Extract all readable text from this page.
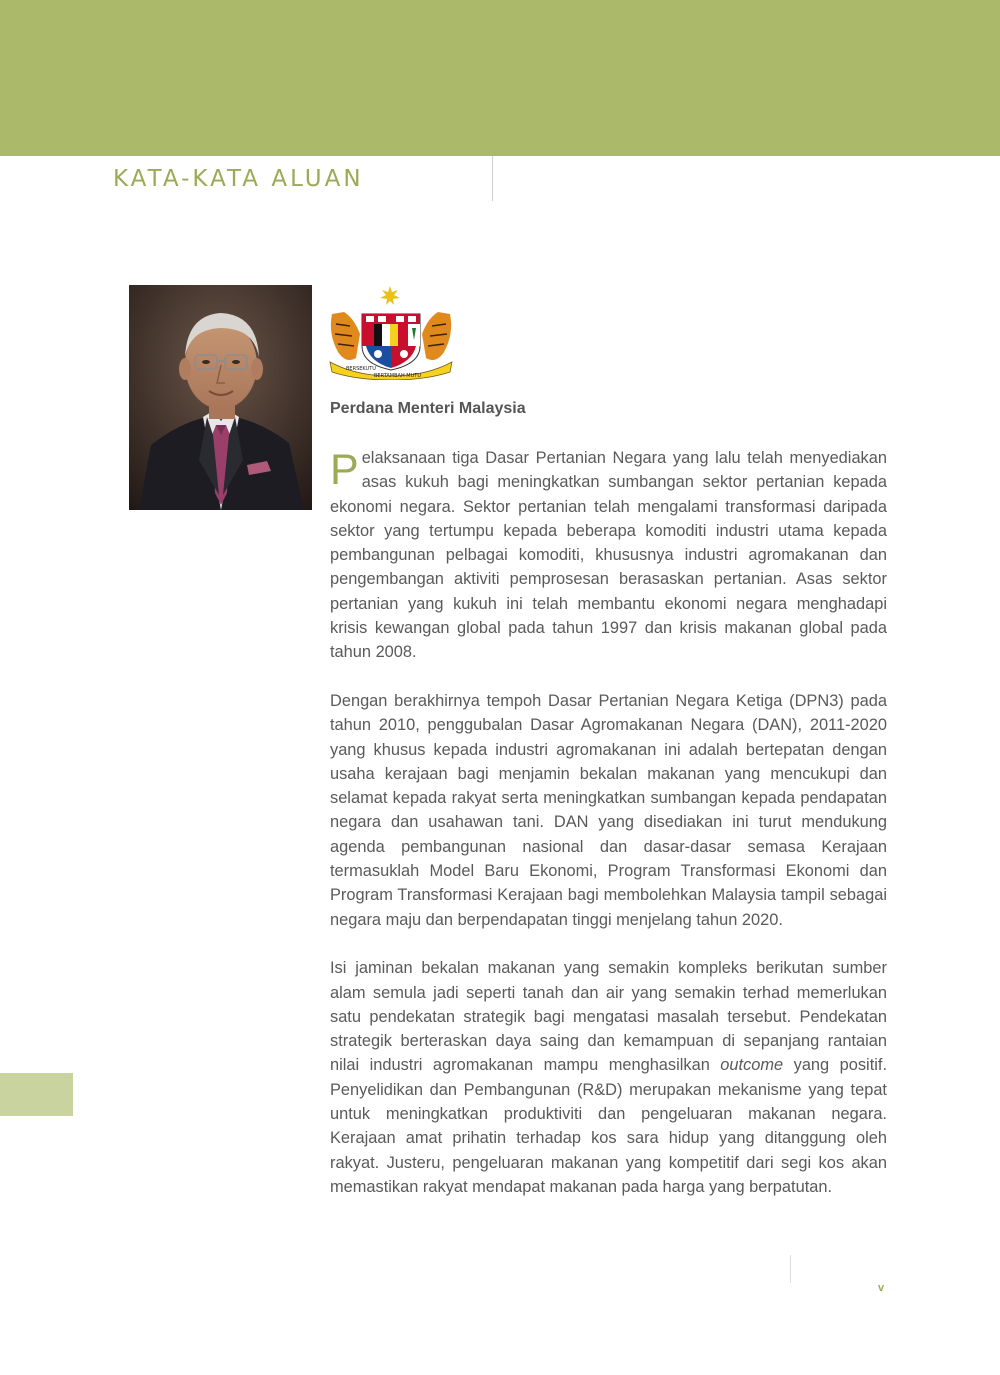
KATA-KATA ALUAN
BERSEKUTU
BERTAMBAH MUTU
Perdana Menteri Malaysia

Pelaksanaan tiga Dasar Pertanian Negara yang lalu telah menyediakan asas kukuh bagi meningkatkan sumbangan sektor pertanian kepada ekonomi negara. Sektor pertanian telah mengalami transformasi daripada sektor yang tertumpu kepada beberapa komoditi industri utama kepada pembangunan pelbagai komoditi, khususnya industri agromakanan dan pengembangan aktiviti pemprosesan berasaskan pertanian. Asas sektor pertanian yang kukuh ini telah membantu ekonomi negara menghadapi krisis kewangan global pada tahun 1997 dan krisis makanan global pada tahun 2008.

Dengan berakhirnya tempoh Dasar Pertanian Negara Ketiga (DPN3) pada tahun 2010, penggubalan Dasar Agromakanan Negara (DAN), 2011-2020 yang khusus kepada industri agromakanan ini adalah bertepatan dengan usaha kerajaan bagi menjamin bekalan makanan yang mencukupi dan selamat kepada rakyat serta meningkatkan sumbangan kepada pendapatan negara dan usahawan tani. DAN yang disediakan ini turut mendukung agenda pembangunan nasional dan dasar-dasar semasa Kerajaan termasuklah Model Baru Ekonomi, Program Transformasi Ekonomi dan Program Transformasi Kerajaan bagi membolehkan Malaysia tampil sebagai negara maju dan berpendapatan tinggi menjelang tahun 2020.

Isi jaminan bekalan makanan yang semakin kompleks berikutan sumber alam semula jadi seperti tanah dan air yang semakin terhad memerlukan satu pendekatan strategik bagi mengatasi masalah tersebut. Pendekatan strategik berteraskan daya saing dan kemampuan di sepanjang rantaian nilai industri agromakanan mampu menghasilkan outcome yang positif. Penyelidikan dan Pembangunan (R&D) merupakan mekanisme yang tepat untuk meningkatkan produktiviti dan pengeluaran makanan negara. Kerajaan amat prihatin terhadap kos sara hidup yang ditanggung oleh rakyat. Justeru, pengeluaran makanan yang kompetitif dari segi kos akan memastikan rakyat mendapat makanan pada harga yang berpatutan.

v
